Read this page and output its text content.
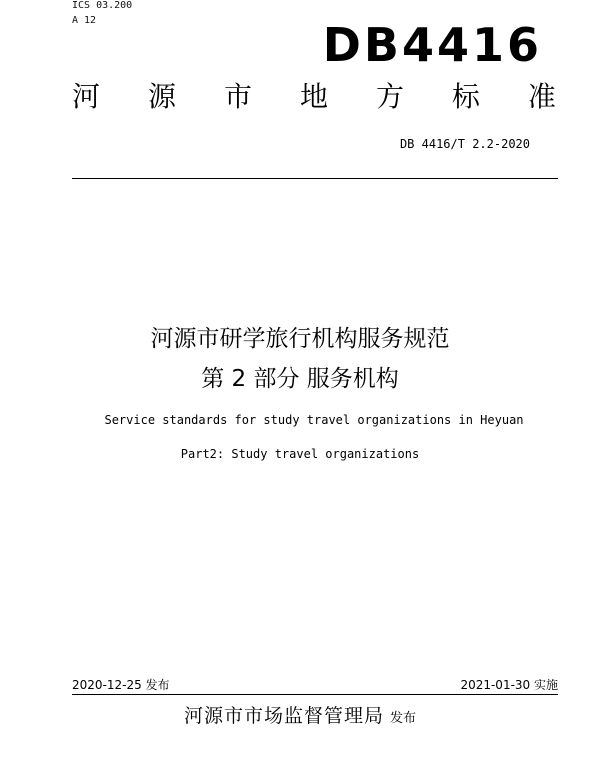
ICS 03.200
A 12	DB4416
河 源 市 地 方 标 准
DB 4416/T 2.2-2020
河源市研学旅行机构服务规范
第 2 部分 服务机构
Service standards for study travel organizations in Heyuan
Part2: Study travel organizations
2020-12-25 发布	2021-01-30 实施
河源市市场监督管理局 发布
